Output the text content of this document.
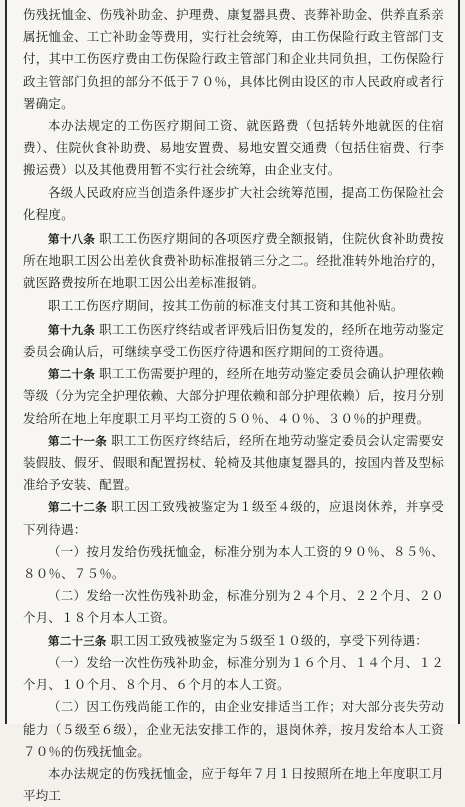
伤残抚恤金、伤残补助金、护理费、康复器具费、丧葬补助金、供养直系亲属抚恤金、工亡补助金等费用，实行社会统筹，由工伤保险行政主管部门支付，其中工伤医疗费由工伤保险行政主管部门和企业共同负担，工伤保险行政主管部门负担的部分不低于７０％，具体比例由设区的市人民政府或者行署确定。

本办法规定的工伤医疗期间工资、就医路费（包括转外地就医的住宿费）、住院伙食补助费、易地安置费、易地安置交通费（包括住宿费、行李搬运费）以及其他费用暂不实行社会统筹，由企业支付。

各级人民政府应当创造条件逐步扩大社会统筹范围，提高工伤保险社会化程度。

第十八条 职工工伤医疗期间的各项医疗费全额报销，住院伙食补助费按所在地职工因公出差伙食费补助标准报销三分之二。经批准转外地治疗的，就医路费按所在地职工因公出差标准报销。

职工工伤医疗期间，按其工伤前的标准支付其工资和其他补贴。

第十九条 职工工伤医疗终结或者评残后旧伤复发的，经所在地劳动鉴定委员会确认后，可继续享受工伤医疗待遇和医疗期间的工资待遇。

第二十条 职工工伤需要护理的，经所在地劳动鉴定委员会确认护理依赖等级（分为完全护理依赖、大部分护理依赖和部分护理依赖）后，按月分别发给所在地上年度职工月平均工资的５０％、４０％、３０％的护理费。

第二十一条 职工工伤医疗终结后，经所在地劳动鉴定委员会认定需要安装假肢、假牙、假眼和配置拐杖、轮椅及其他康复器具的，按国内普及型标准给予安装、配置。

第二十二条 职工因工致残被鉴定为１级至４级的，应退岗休养，并享受下列待遇：

（一）按月发给伤残抚恤金，标准分别为本人工资的９０％、８５％、８０％、７５％。

（二）发给一次性伤残补助金，标准分别为２４个月、２２个月、２０个月、１８个月本人工资。

第二十三条 职工因工致残被鉴定为５级至１０级的，享受下列待遇：

（一）发给一次性伤残补助金，标准分别为１６个月、１４个月、１２个月、１０个月、８个月、６个月的本人工资。

（二）因工伤残尚能工作的，由企业安排适当工作；对大部分丧失劳动能力（５级至６级），企业无法安排工作的，退岗休养，按月发给本人工资７０％的伤残抚恤金。

本办法规定的伤残抚恤金，应于每年７月１日按照所在地上年度职工月平均工
